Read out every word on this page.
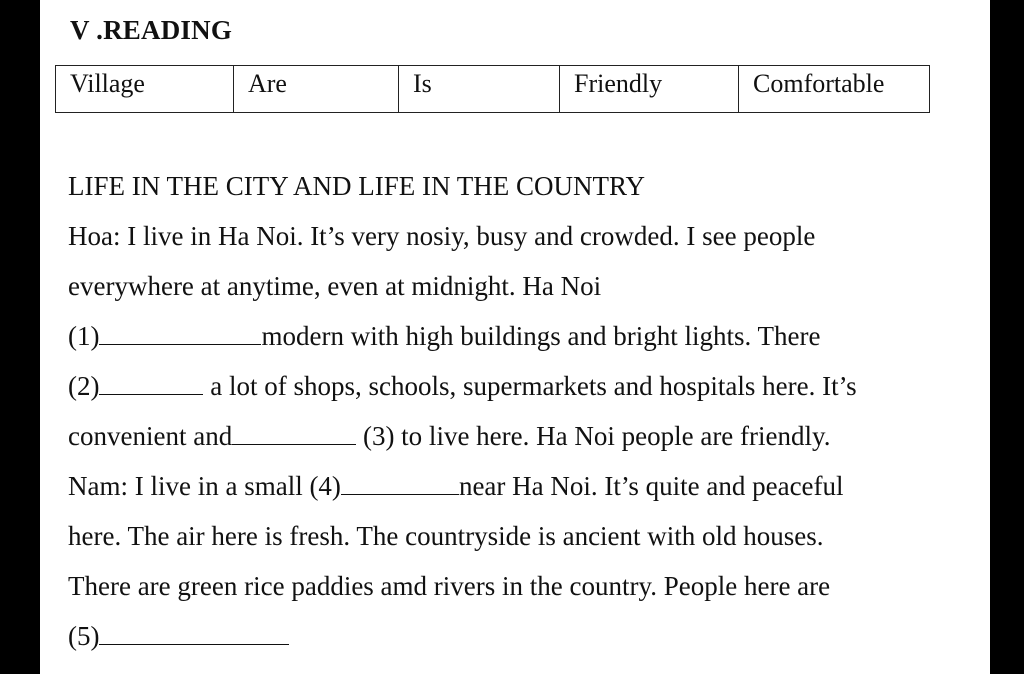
V .READING
Village	Are	Is	Friendly	Comfortable
LIFE IN THE CITY AND LIFE IN THE COUNTRY
Hoa: I live in Ha Noi. It’s very nosiy, busy and crowded. I see people
everywhere at anytime, even at midnight. Ha Noi
(1)	modern with high buildings and bright lights. There
(2)	a lot of shops, schools, supermarkets and hospitals here. It’s
convenient and	(3) to live here. Ha Noi people are friendly.
Nam: I live in a small (4)	near Ha Noi. It’s quite and peaceful
here. The air here is fresh. The countryside is ancient with old houses.
There are green rice paddies amd rivers in the country. People here are
(5)
